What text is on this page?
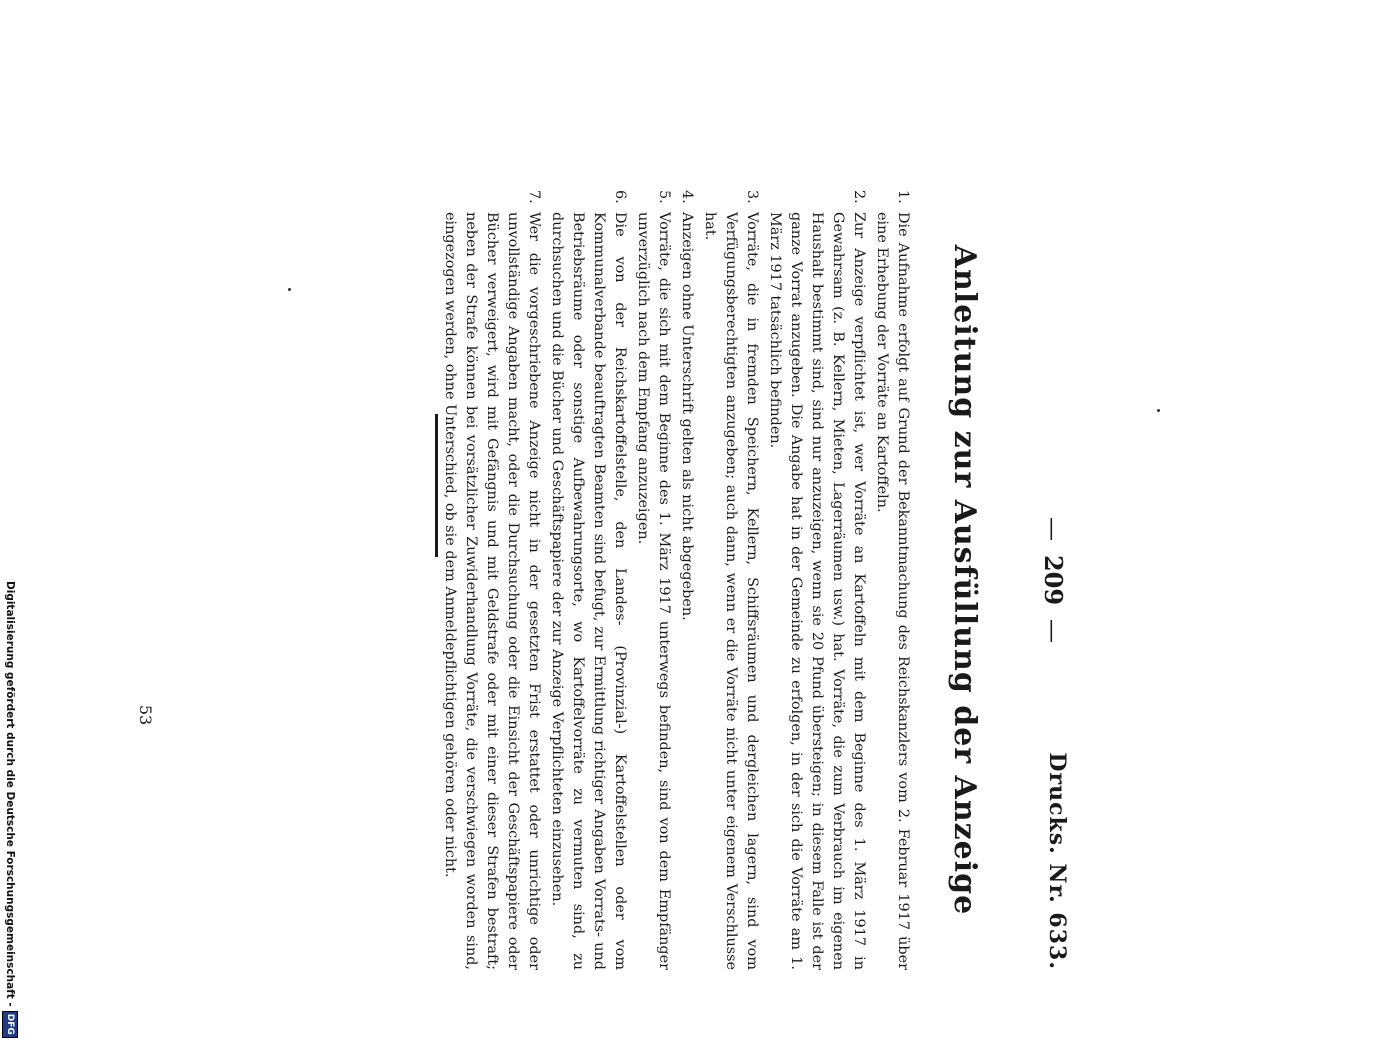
—209—
Drucks. Nr. 633.
Anleitung zur Ausfüllung der Anzeige
1.
Die Aufnahme erfolgt auf Grund der Bekanntmachung des Reichskanzlers vom 2. Februar 1917 über eine Erhebung der Vorräte an Kartoffeln.
2.
Zur Anzeige verpflichtet ist, wer Vorräte an Kartoffeln mit dem Beginne des 1. März 1917 in Gewahrsam (z. B. Kellern, Mieten, Lagerräumen usw.) hat. Vorräte, die zum Verbrauch im eigenen Haushalt bestimmt sind, sind nur anzuzeigen, wenn sie 20 Pfund übersteigen; in diesem Falle ist der ganze Vorrat anzugeben. Die Angabe hat in der Gemeinde zu erfolgen, in der sich die Vorräte am 1. März 1917 tatsächlich befinden.
3.
Vorräte, die in fremden Speichern, Kellern, Schiffsräumen und dergleichen lagern, sind vom Verfügungsberechtigten anzugeben; auch dann, wenn er die Vorräte nicht unter eigenem Verschlusse hat.
4.
Anzeigen ohne Unterschrift gelten als nicht abgegeben.
5.
Vorräte, die sich mit dem Beginne des 1. März 1917 unterwegs befinden, sind von dem Empfänger unverzüglich nach dem Empfang anzuzeigen.
6.
Die von der Reichskartoffelstelle, den Landes- (Provinzial-) Kartoffelstellen oder vom Kommunalverbande beauftragten Beamten sind befugt, zur Ermittlung richtiger Angaben Vorrats- und Betriebsräume oder sonstige Aufbewahrungsorte, wo Kartoffelvorräte zu vermuten sind, zu durchsuchen und die Bücher und Geschäftspapiere der zur Anzeige Verpflichteten einzusehen.
7.
Wer die vorgeschriebene Anzeige nicht in der gesetzten Frist erstattet oder unrichtige oder unvollständige Angaben macht, oder die Durchsuchung oder die Einsicht der Geschäftspapiere oder Bücher verweigert, wird mit Gefängnis und mit Geldstrafe oder mit einer dieser Strafen bestraft; neben der Strafe können bei vorsätzlicher Zuwiderhandlung Vorräte, die verschwiegen worden sind, eingezogen werden, ohne Unterschied, ob sie dem Anmeldepflichtigen gehören oder nicht.
53
Digitalisierung gefördert durch die Deutsche Forschungsgemeinschaft -
DFG
